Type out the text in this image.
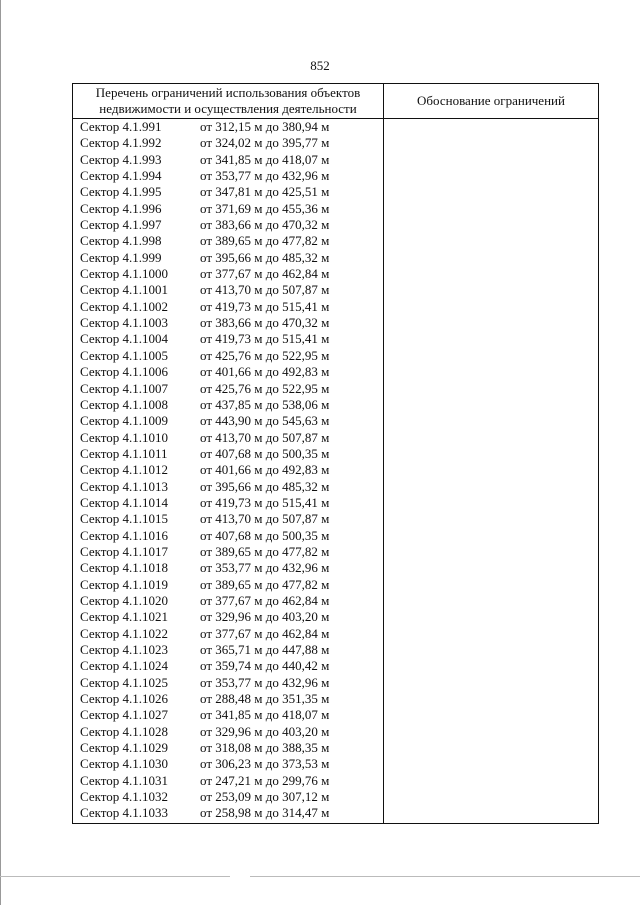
852
Перечень ограничений использования объектов
недвижимости и осуществления деятельности
Обоснование ограничений
Сектор 4.1.991	от 312,15 м до 380,94 м
Сектор 4.1.992	от 324,02 м до 395,77 м
Сектор 4.1.993	от 341,85 м до 418,07 м
Сектор 4.1.994	от 353,77 м до 432,96 м
Сектор 4.1.995	от 347,81 м до 425,51 м
Сектор 4.1.996	от 371,69 м до 455,36 м
Сектор 4.1.997	от 383,66 м до 470,32 м
Сектор 4.1.998	от 389,65 м до 477,82 м
Сектор 4.1.999	от 395,66 м до 485,32 м
Сектор 4.1.1000 от 377,67 м до 462,84 м
Сектор 4.1.1001 от 413,70 м до 507,87 м
Сектор 4.1.1002 от 419,73 м до 515,41 м
Сектор 4.1.1003 от 383,66 м до 470,32 м
Сектор 4.1.1004 от 419,73 м до 515,41 м
Сектор 4.1.1005 от 425,76 м до 522,95 м
Сектор 4.1.1006 от 401,66 м до 492,83 м
Сектор 4.1.1007 от 425,76 м до 522,95 м
Сектор 4.1.1008 от 437,85 м до 538,06 м
Сектор 4.1.1009 от 443,90 м до 545,63 м
Сектор 4.1.1010 от 413,70 м до 507,87 м
Сектор 4.1.1011 от 407,68 м до 500,35 м
Сектор 4.1.1012 от 401,66 м до 492,83 м
Сектор 4.1.1013 от 395,66 м до 485,32 м
Сектор 4.1.1014 от 419,73 м до 515,41 м
Сектор 4.1.1015 от 413,70 м до 507,87 м
Сектор 4.1.1016 от 407,68 м до 500,35 м
Сектор 4.1.1017 от 389,65 м до 477,82 м
Сектор 4.1.1018 от 353,77 м до 432,96 м
Сектор 4.1.1019 от 389,65 м до 477,82 м
Сектор 4.1.1020 от 377,67 м до 462,84 м
Сектор 4.1.1021 от 329,96 м до 403,20 м
Сектор 4.1.1022 от 377,67 м до 462,84 м
Сектор 4.1.1023 от 365,71 м до 447,88 м
Сектор 4.1.1024 от 359,74 м до 440,42 м
Сектор 4.1.1025 от 353,77 м до 432,96 м
Сектор 4.1.1026 от 288,48 м до 351,35 м
Сектор 4.1.1027 от 341,85 м до 418,07 м
Сектор 4.1.1028 от 329,96 м до 403,20 м
Сектор 4.1.1029 от 318,08 м до 388,35 м
Сектор 4.1.1030 от 306,23 м до 373,53 м
Сектор 4.1.1031 от 247,21 м до 299,76 м
Сектор 4.1.1032 от 253,09 м до 307,12 м
Сектор 4.1.1033 от 258,98 м до 314,47 м
